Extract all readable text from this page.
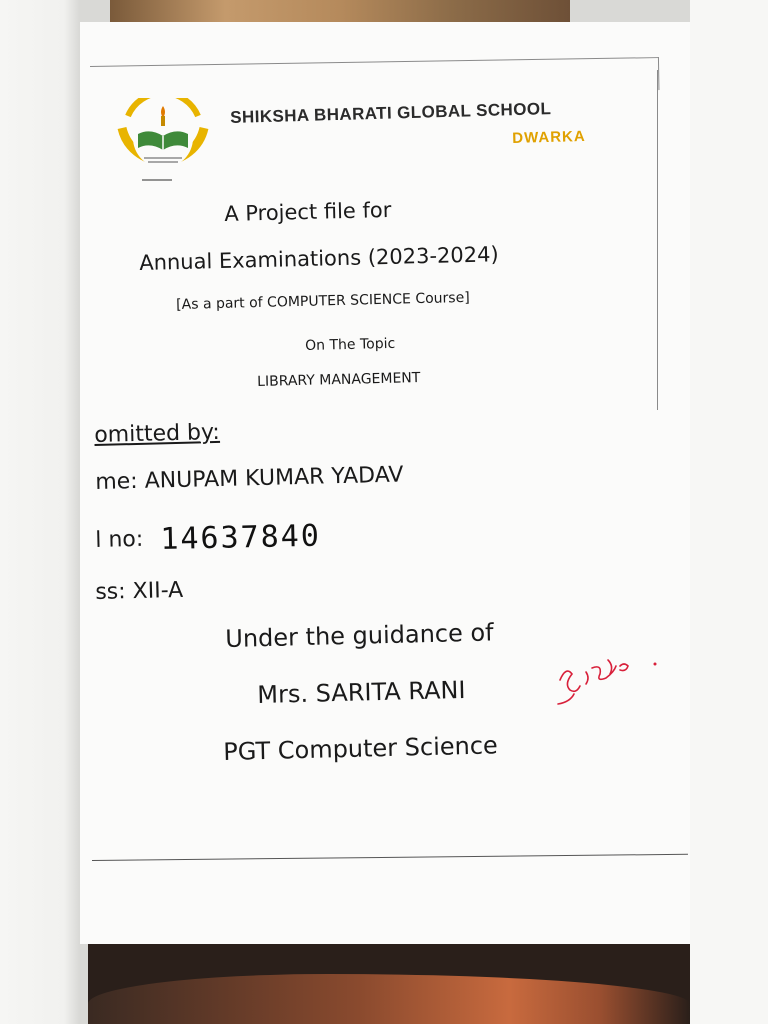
SHIKSHA BHARATI GLOBAL SCHOOL
DWARKA
A Project file for
Annual Examinations (2023-2024)
[As a part of COMPUTER SCIENCE Course]
On The Topic
LIBRARY MANAGEMENT
omitted by:
me: ANUPAM KUMAR YADAV
l no: 14637840
ss: XII-A
Under the guidance of
Mrs. SARITA RANI
PGT Computer Science
